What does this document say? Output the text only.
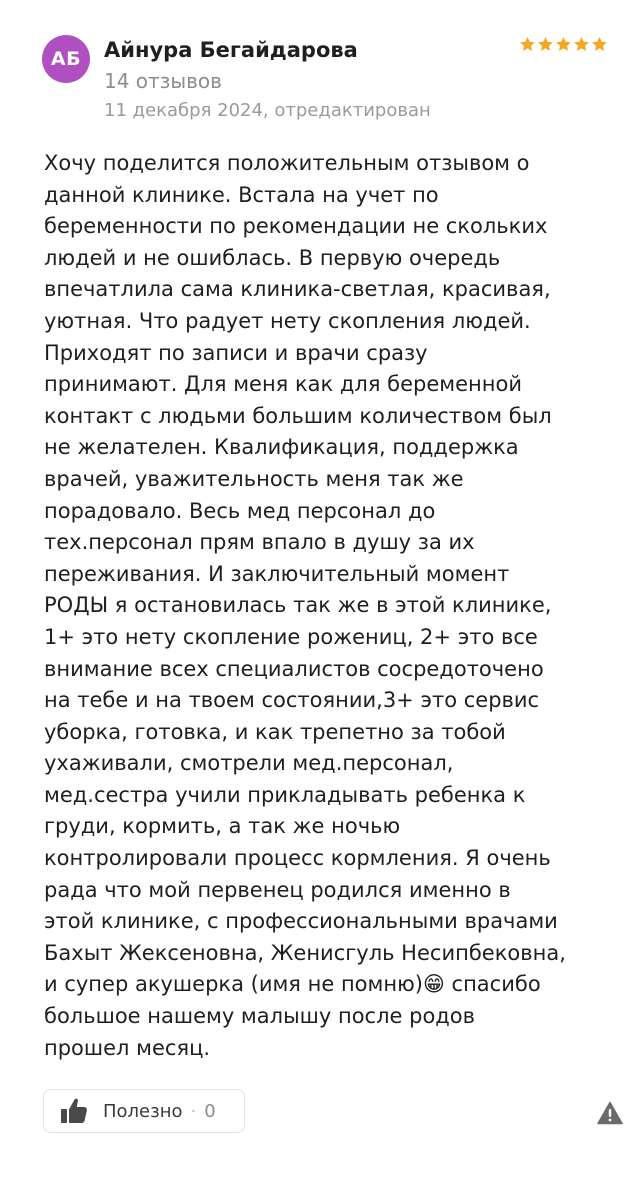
АБ Айнура Бегайдарова
14 отзывов
11 декабря 2024, отредактирован

Хочу поделится положительным отзывом о
данной клинике. Встала на учет по
беременности по рекомендации не скольких
людей и не ошиблась. В первую очередь
впечатлила сама клиника-светлая, красивая,
уютная. Что радует нету скопления людей.
Приходят по записи и врачи сразу
принимают. Для меня как для беременной
контакт с людьми большим количеством был
не желателен. Квалификация, поддержка
врачей, уважительность меня так же
порадовало. Весь мед персонал до
тех.персонал прям впало в душу за их
переживания. И заключительный момент
РОДЫ я остановилась так же в этой клинике,
1+ это нету скопление рожениц, 2+ это все
внимание всех специалистов сосредоточено
на тебе и на твоем состоянии,3+ это сервис
уборка, готовка, и как трепетно за тобой
ухаживали, смотрели мед.персонал,
мед.сестра учили прикладывать ребенка к
груди, кормить, а так же ночью
контролировали процесс кормления. Я очень
рада что мой первенец родился именно в
этой клинике, с профессиональными врачами
Бахыт Жексеновна, Женисгуль Несипбековна,
и супер акушерка (имя не помню)😁 спасибо
большое нашему малышу после родов
прошел месяц.

Полезно · 0
